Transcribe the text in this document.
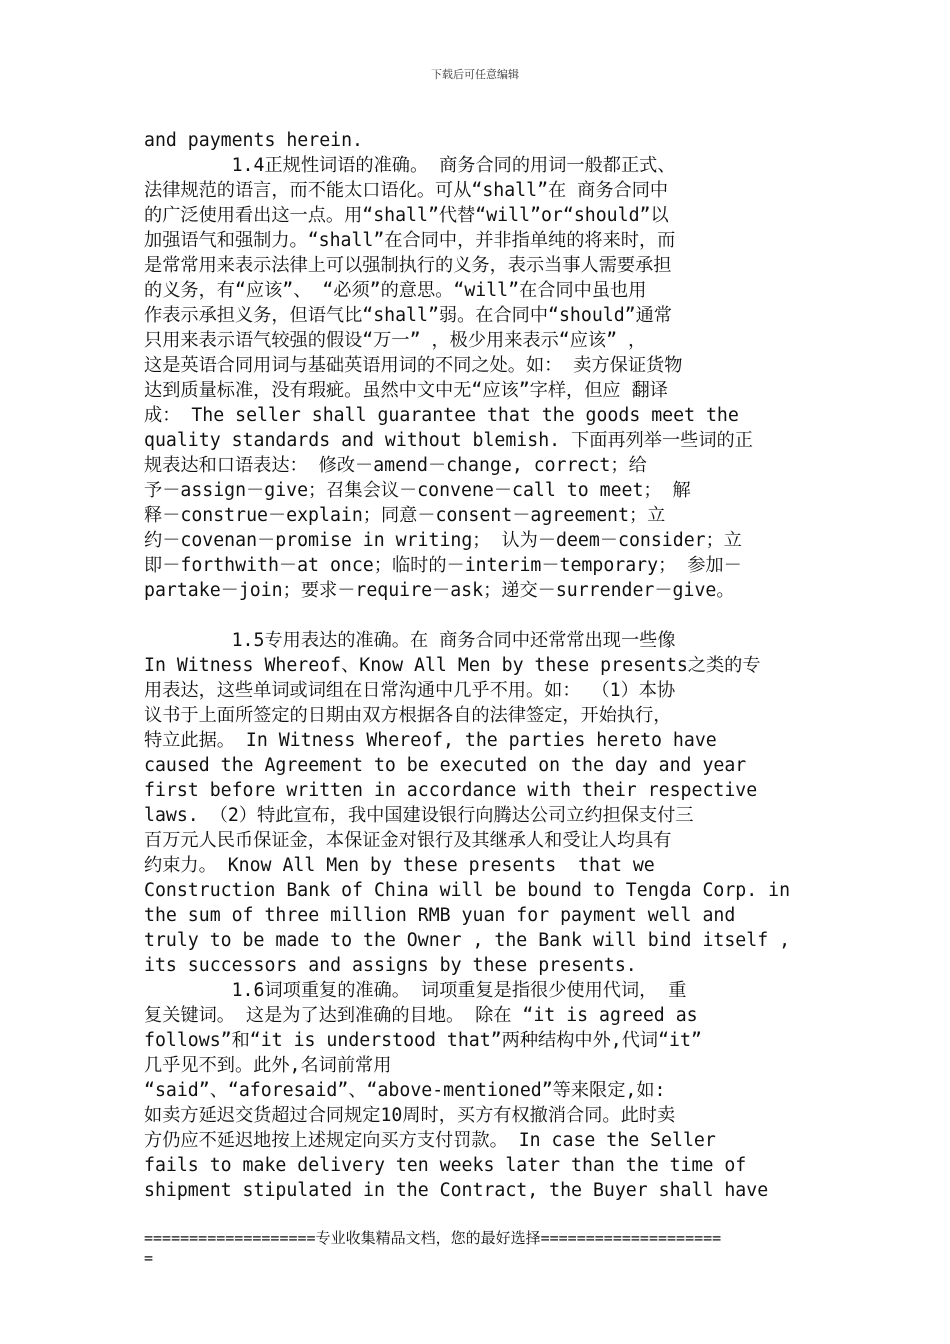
下载后可任意编辑
and payments herein.
1.4正规性词语的准确。 商务合同的用词一般都正式、
法律规范的语言，而不能太口语化。可从“shall”在 商务合同中
的广泛使用看出这一点。用“shall”代替“will”or“should”以
加强语气和强制力。“shall”在合同中，并非指单纯的将来时，而
是常常用来表示法律上可以强制执行的义务，表示当事人需要承担
的义务，有“应该”、 “必须”的意思。“will”在合同中虽也用
作表示承担义务，但语气比“shall”弱。在合同中“should”通常
只用来表示语气较强的假设“万一” ，极少用来表示“应该” ，
这是英语合同用词与基础英语用词的不同之处。如： 卖方保证货物
达到质量标准，没有瑕疵。虽然中文中无“应该”字样，但应 翻译
成： The seller shall guarantee that the goods meet the
quality standards and without blemish. 下面再列举一些词的正
规表达和口语表达： 修改－amend－change, correct；给
予－assign－give；召集会议－convene－call to meet； 解
释－construe－explain；同意－consent－agreement；立
约－covenan－promise in writing； 认为－deem－consider；立
即－forthwith－at once；临时的－interim－temporary； 参加－
partake－join；要求－require－ask；递交－surrender－give。
1.5专用表达的准确。在 商务合同中还常常出现一些像
In Witness Whereof、Know All Men by these presents之类的专
用表达，这些单词或词组在日常沟通中几乎不用。如： （1）本协
议书于上面所签定的日期由双方根据各自的法律签定，开始执行，
特立此据。 In Witness Whereof, the parties hereto have
caused the Agreement to be executed on the day and year
first before written in accordance with their respective
laws. （2）特此宣布，我中国建设银行向腾达公司立约担保支付三
百万元人民币保证金，本保证金对银行及其继承人和受让人均具有
约束力。 Know All Men by these presents  that we
Construction Bank of China will be bound to Tengda Corp. in
the sum of three million RMB yuan for payment well and
truly to be made to the Owner , the Bank will bind itself ,
its successors and assigns by these presents.
1.6词项重复的准确。 词项重复是指很少使用代词， 重
复关键词。 这是为了达到准确的目地。 除在 “it is agreed as
follows”和“it is understood that”两种结构中外,代词“it”
几乎见不到。此外,名词前常用
“said”、“aforesaid”、“above-mentioned”等来限定,如:
如卖方延迟交货超过合同规定10周时，买方有权撤消合同。此时卖
方仍应不延迟地按上述规定向买方支付罚款。 In case the Seller
fails to make delivery ten weeks later than the time of
shipment stipulated in the Contract, the Buyer shall have
===================专业收集精品文档，您的最好选择====================
=
